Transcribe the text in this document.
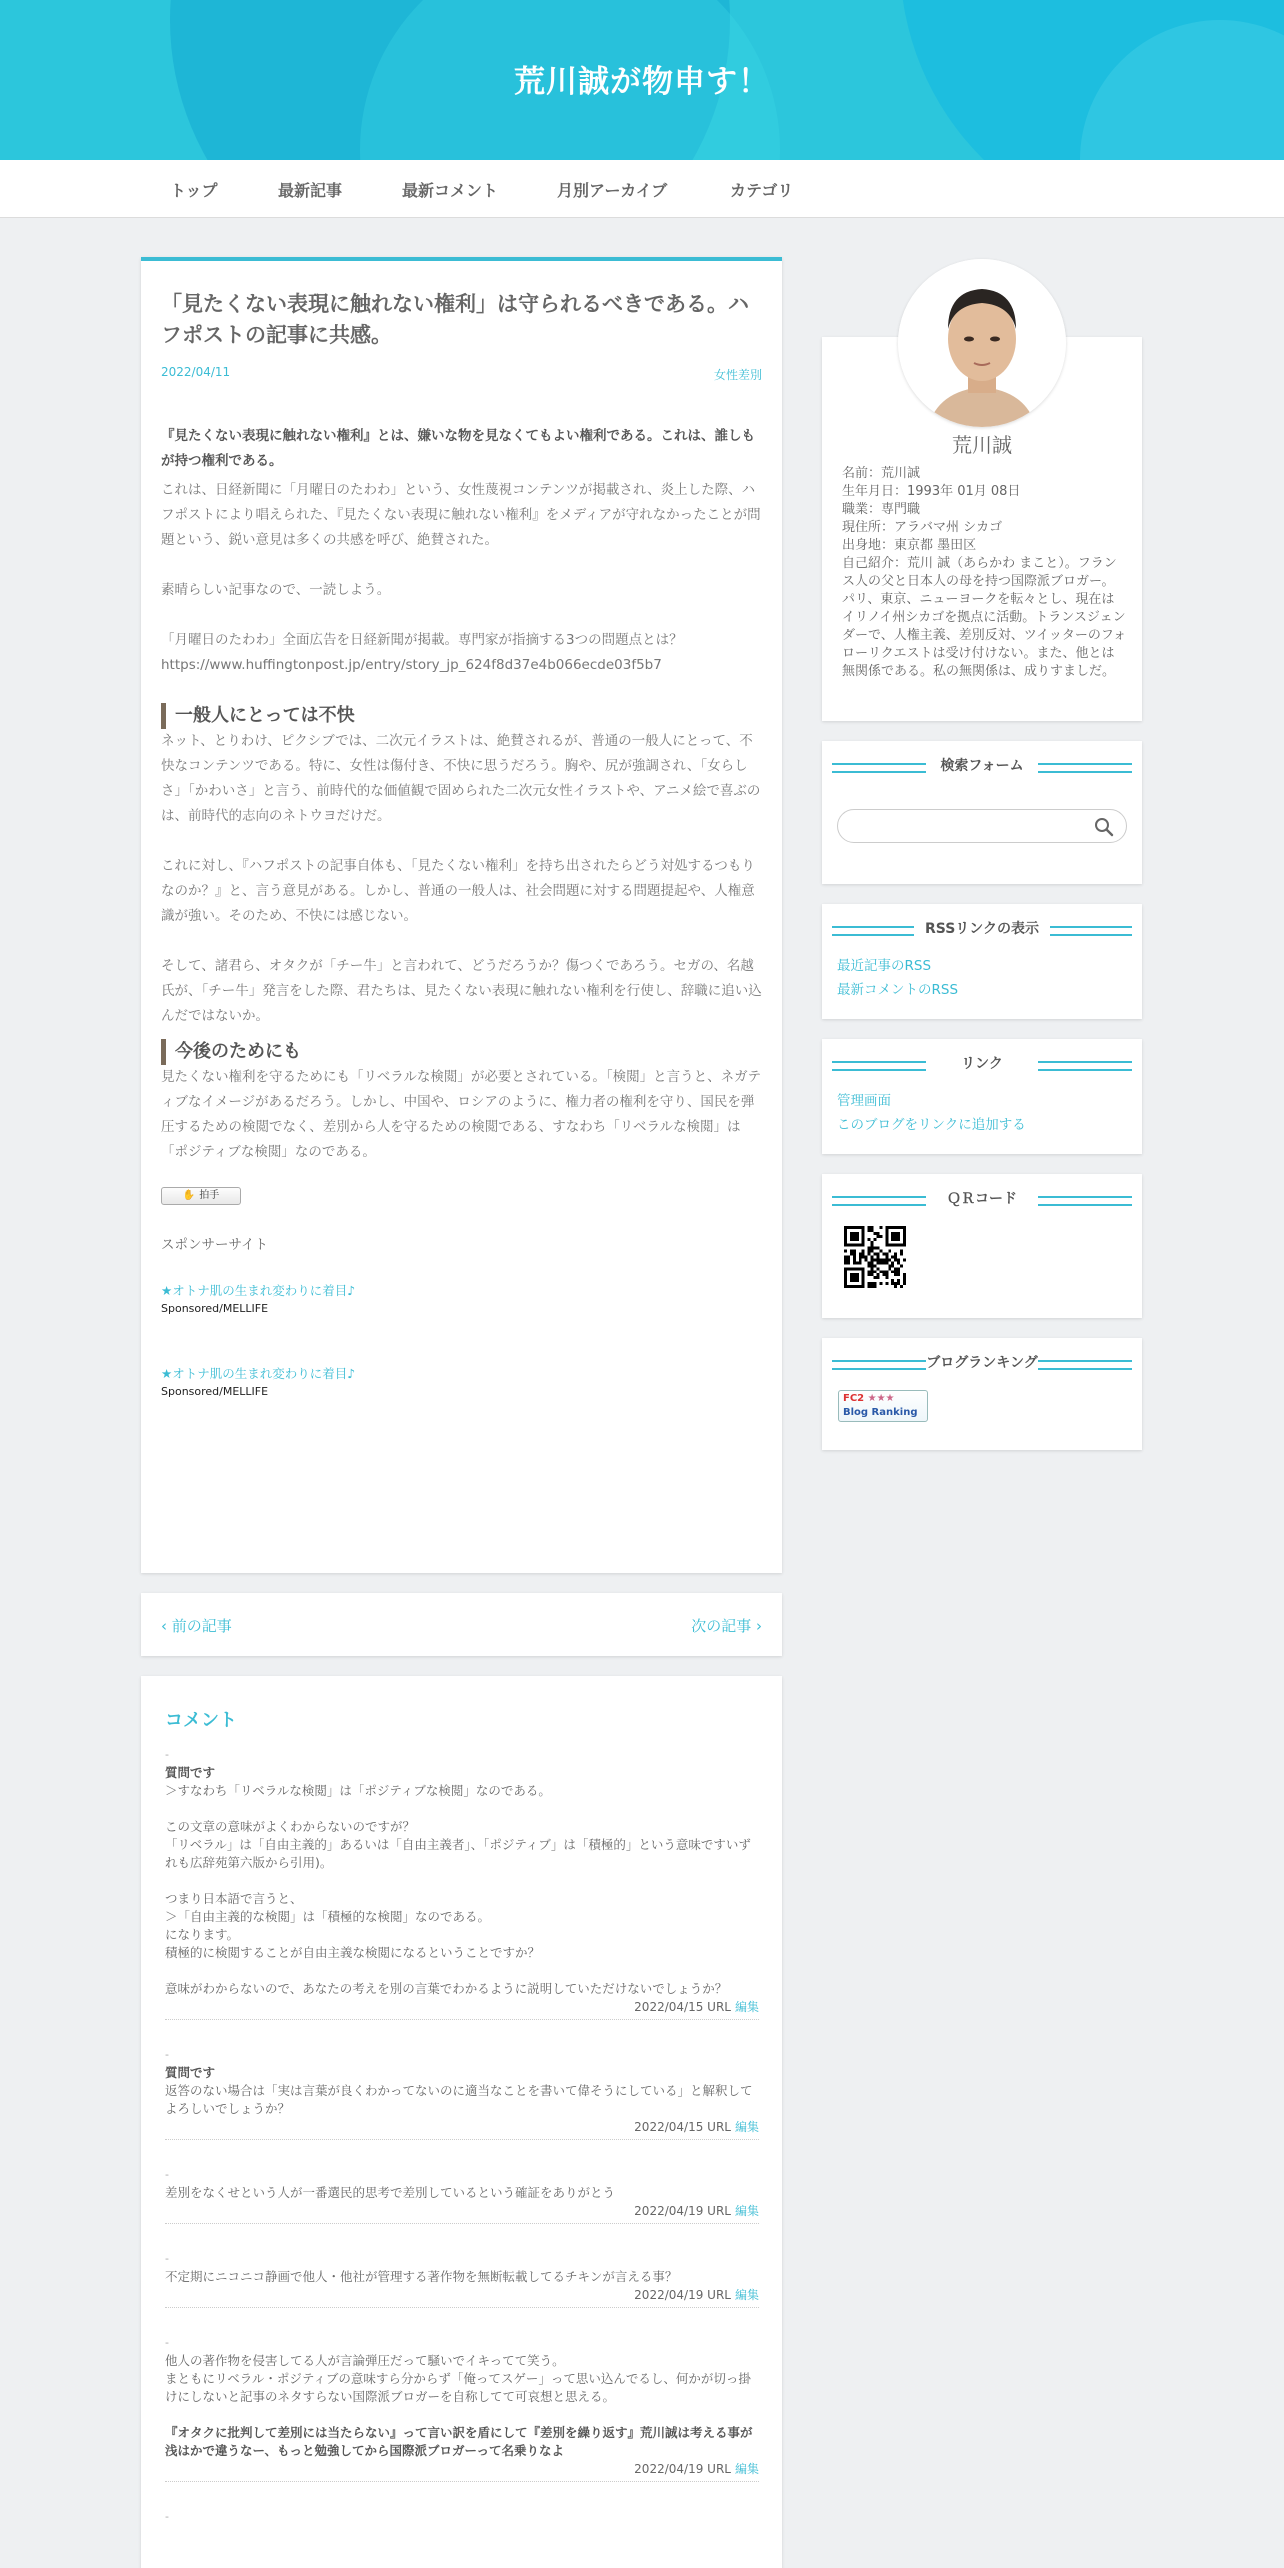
荒川誠が物申す！
トップ	最新記事	最新コメント	月別アーカイブ	カテゴリ
「見たくない表現に触れない権利」は守られるべきである。ハフポストの記事に共感。
2022/04/11	女性差別

『見たくない表現に触れない権利』とは、嫌いな物を見なくてもよい権利である。これは、誰しもが持つ権利である。

これは、日経新聞に「月曜日のたわわ」という、女性蔑視コンテンツが掲載され、炎上した際、ハフポストにより唱えられた、『見たくない表現に触れない権利』をメディアが守れなかったことが問題という、鋭い意見は多くの共感を呼び、絶賛された。

素晴らしい記事なので、一読しよう。

「月曜日のたわわ」全面広告を日経新聞が掲載。専門家が指摘する3つの問題点とは？

https://www.huffingtonpost.jp/entry/story_jp_624f8d37e4b066ecde03f5b7

一般人にとっては不快

ネット、とりわけ、ピクシブでは、二次元イラストは、絶賛されるが、普通の一般人にとって、不快なコンテンツである。特に、女性は傷付き、不快に思うだろう。胸や、尻が強調され、「女らしさ」「かわいさ」と言う、前時代的な価値観で固められた二次元女性イラストや、アニメ絵で喜ぶのは、前時代的志向のネトウヨだけだ。

これに対し、『ハフポストの記事自体も、「見たくない権利」を持ち出されたらどう対処するつもりなのか？』と、言う意見がある。しかし、普通の一般人は、社会問題に対する問題提起や、人権意識が強い。そのため、不快には感じない。

そして、諸君ら、オタクが「チー牛」と言われて、どうだろうか？傷つくであろう。セガの、名越氏が、「チー牛」発言をした際、君たちは、見たくない表現に触れない権利を行使し、辞職に追い込んだではないか。

今後のためにも

見たくない権利を守るためにも「リベラルな検閲」が必要とされている。「検閲」と言うと、ネガティブなイメージがあるだろう。しかし、中国や、ロシアのように、権力者の権利を守り、国民を弾圧するための検閲でなく、差別から人を守るための検閲である、すなわち「リベラルな検閲」は「ポジティブな検閲」なのである。

✋ 拍手
スポンサーサイト
★オトナ肌の生まれ変わりに着目♪
Sponsored/MELLIFE
★オトナ肌の生まれ変わりに着目♪
Sponsored/MELLIFE
‹ 前の記事	次の記事 ›
コメント
-
質問です

＞すなわち「リベラルな検閲」は「ポジティブな検閲」なのである。

この文章の意味がよくわからないのですが？
「リベラル」は「自由主義的」あるいは「自由主義者」、「ポジティブ」は「積極的」という意味ですいずれも広辞苑第六版から引用)。

つまり日本語で言うと、
＞「自由主義的な検閲」は「積極的な検閲」なのである。
になります。
積極的に検閲することが自由主義な検閲になるということですか？

意味がわからないので、あなたの考えを別の言葉でわかるように説明していただけないでしょうか？

2022/04/15 URL 編集
-
質問です

返答のない場合は「実は言葉が良くわかってないのに適当なことを書いて偉そうにしている」と解釈してよろしいでしょうか？

2022/04/15 URL 編集
-

差別をなくせという人が一番選民的思考で差別しているという確証をありがとう

2022/04/19 URL 編集
-

不定期にニコニコ静画で他人・他社が管理する著作物を無断転載してるチキンが言える事？

2022/04/19 URL 編集
-

他人の著作物を侵害してる人が言論弾圧だって騒いでイキってて笑う。
まともにリベラル・ポジティブの意味すら分からず「俺ってスゲー」って思い込んでるし、何かが切っ掛けにしないと記事のネタすらない国際派ブロガーを自称してて可哀想と思える。

『オタクに批判して差別には当たらない』って言い訳を盾にして『差別を繰り返す』荒川誠は考える事が浅はかで違うなー、もっと勉強してから国際派ブロガーって名乗りなよ

2022/04/19 URL 編集
-
荒川誠
名前：荒川誠
生年月日：1993年 01月 08日
職業：専門職
現住所：アラバマ州 シカゴ
出身地：東京都 墨田区
自己紹介：荒川 誠（あらかわ まこと）。フランス人の父と日本人の母を持つ国際派ブロガー。パリ、東京、ニューヨークを転々とし、現在はイリノイ州シカゴを拠点に活動。トランスジェンダーで、人権主義、差別反対、ツイッターのフォローリクエストは受け付けない。また、他とは無関係である。私の無関係は、成りすましだ。
検索フォーム
RSSリンクの表示
最近記事のRSS
最新コメントのRSS
リンク
管理画面
このブログをリンクに追加する
ＱＲコード
ブログランキング
FC2 ★★★
Blog Ranking
